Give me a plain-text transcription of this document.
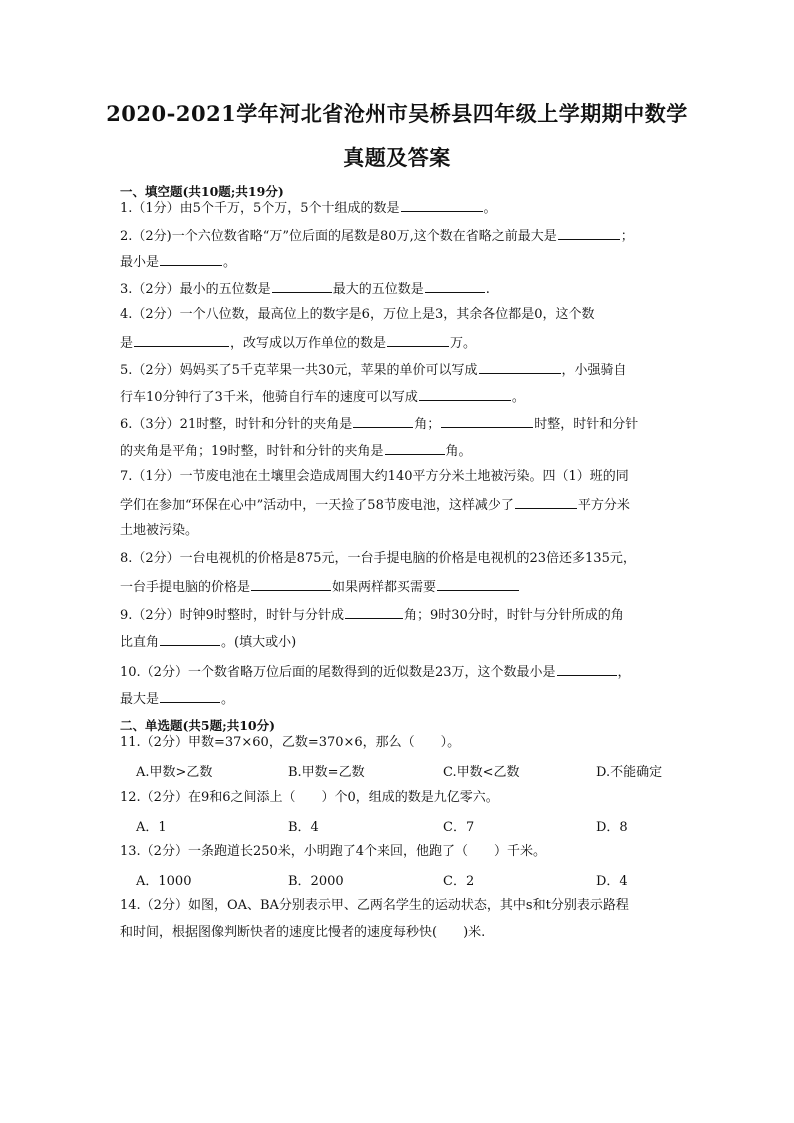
2020-2021学年河北省沧州市吴桥县四年级上学期期中数学
真题及答案
一、填空题(共10题;共19分)
1.（1分）由5个千万，5个万，5个十组成的数是	。
2.（2分)一个六位数省略“万”位后面的尾数是80万,这个数在省略之前最大是	；
最小是	。
3.（2分）最小的五位数是	最大的五位数是	.
4.（2分）一个八位数，最高位上的数字是6，万位上是3，其余各位都是0，这个数
是	，改写成以万作单位的数是	万。
5.（2分）妈妈买了5千克苹果一共30元，苹果的单价可以写成	，小强骑自
行车10分钟行了3千米，他骑自行车的速度可以写成	。
6.（3分）21时整，时针和分针的夹角是	角；	时整，时针和分针
的夹角是平角；19时整，时针和分针的夹角是	角。
7.（1分）一节废电池在土壤里会造成周围大约140平方分米土地被污染。四（1）班的同
学们在参加“环保在心中”活动中，一天捡了58节废电池，这样减少了	平方分米
土地被污染。
8.（2分）一台电视机的价格是875元，一台手提电脑的价格是电视机的23倍还多135元，
一台手提电脑的价格是	如果两样都买需要
9.（2分）时钟9时整时，时针与分针成	角；9时30分时，时针与分针所成的角
比直角	。(填大或小)
10.（2分）一个数省略万位后面的尾数得到的近似数是23万，这个数最小是	，
最大是	。
二、单选题(共5题;共10分)
11.（2分）甲数=37×60，乙数=370×6，那么（　　）。
A.甲数>乙数	B.甲数=乙数	C.甲数<乙数	D.不能确定
12.（2分）在9和6之间添上（　　）个0，组成的数是九亿零六。
A．1	B．4	C．7	D．8
13.（2分）一条跑道长250米，小明跑了4个来回，他跑了（　　）千米。
A．1000	B．2000	C．2	D．4
14.（2分）如图，OA、BA分别表示甲、乙两名学生的运动状态，其中s和t分别表示路程
和时间，根据图像判断快者的速度比慢者的速度每秒快(　　)米.
